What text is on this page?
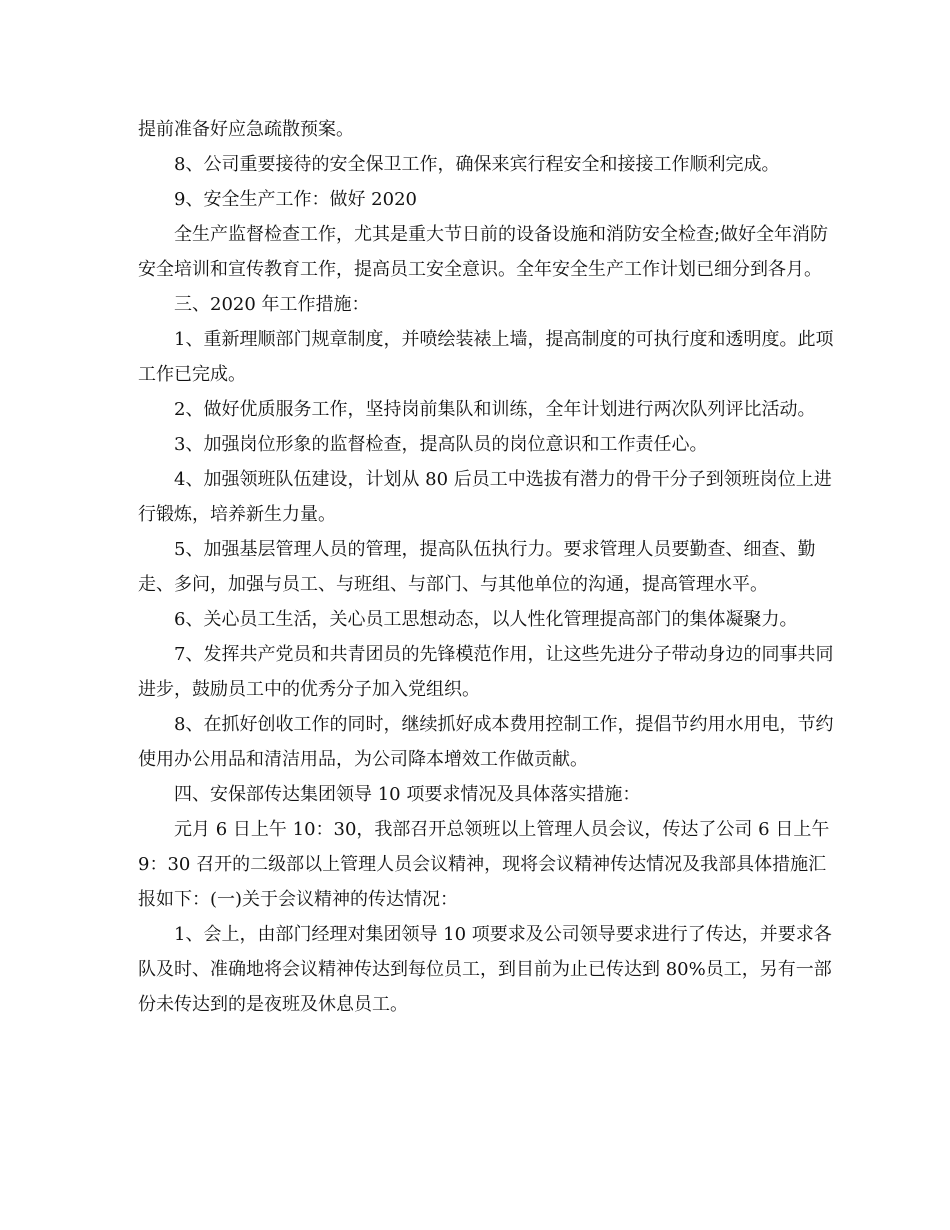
提前准备好应急疏散预案。

8、公司重要接待的安全保卫工作，确保来宾行程安全和接接工作顺利完成。

9、安全生产工作：做好 2020

全生产监督检查工作，尤其是重大节日前的设备设施和消防安全检查;做好全年消防安全培训和宣传教育工作，提高员工安全意识。全年安全生产工作计划已细分到各月。

三、2020 年工作措施：

1、重新理顺部门规章制度，并喷绘装裱上墙，提高制度的可执行度和透明度。此项工作已完成。

2、做好优质服务工作，坚持岗前集队和训练，全年计划进行两次队列评比活动。

3、加强岗位形象的监督检查，提高队员的岗位意识和工作责任心。

4、加强领班队伍建设，计划从 80 后员工中选拔有潜力的骨干分子到领班岗位上进行锻炼，培养新生力量。

5、加强基层管理人员的管理，提高队伍执行力。要求管理人员要勤查、细查、勤走、多问，加强与员工、与班组、与部门、与其他单位的沟通，提高管理水平。

6、关心员工生活，关心员工思想动态，以人性化管理提高部门的集体凝聚力。

7、发挥共产党员和共青团员的先锋模范作用，让这些先进分子带动身边的同事共同进步，鼓励员工中的优秀分子加入党组织。

8、在抓好创收工作的同时，继续抓好成本费用控制工作，提倡节约用水用电，节约使用办公用品和清洁用品，为公司降本增效工作做贡献。

四、安保部传达集团领导 10 项要求情况及具体落实措施：

元月 6 日上午 10：30，我部召开总领班以上管理人员会议，传达了公司 6 日上午 9：30 召开的二级部以上管理人员会议精神，现将会议精神传达情况及我部具体措施汇报如下：(一)关于会议精神的传达情况：

1、会上，由部门经理对集团领导 10 项要求及公司领导要求进行了传达，并要求各队及时、准确地将会议精神传达到每位员工，到目前为止已传达到 80%员工，另有一部份未传达到的是夜班及休息员工。
